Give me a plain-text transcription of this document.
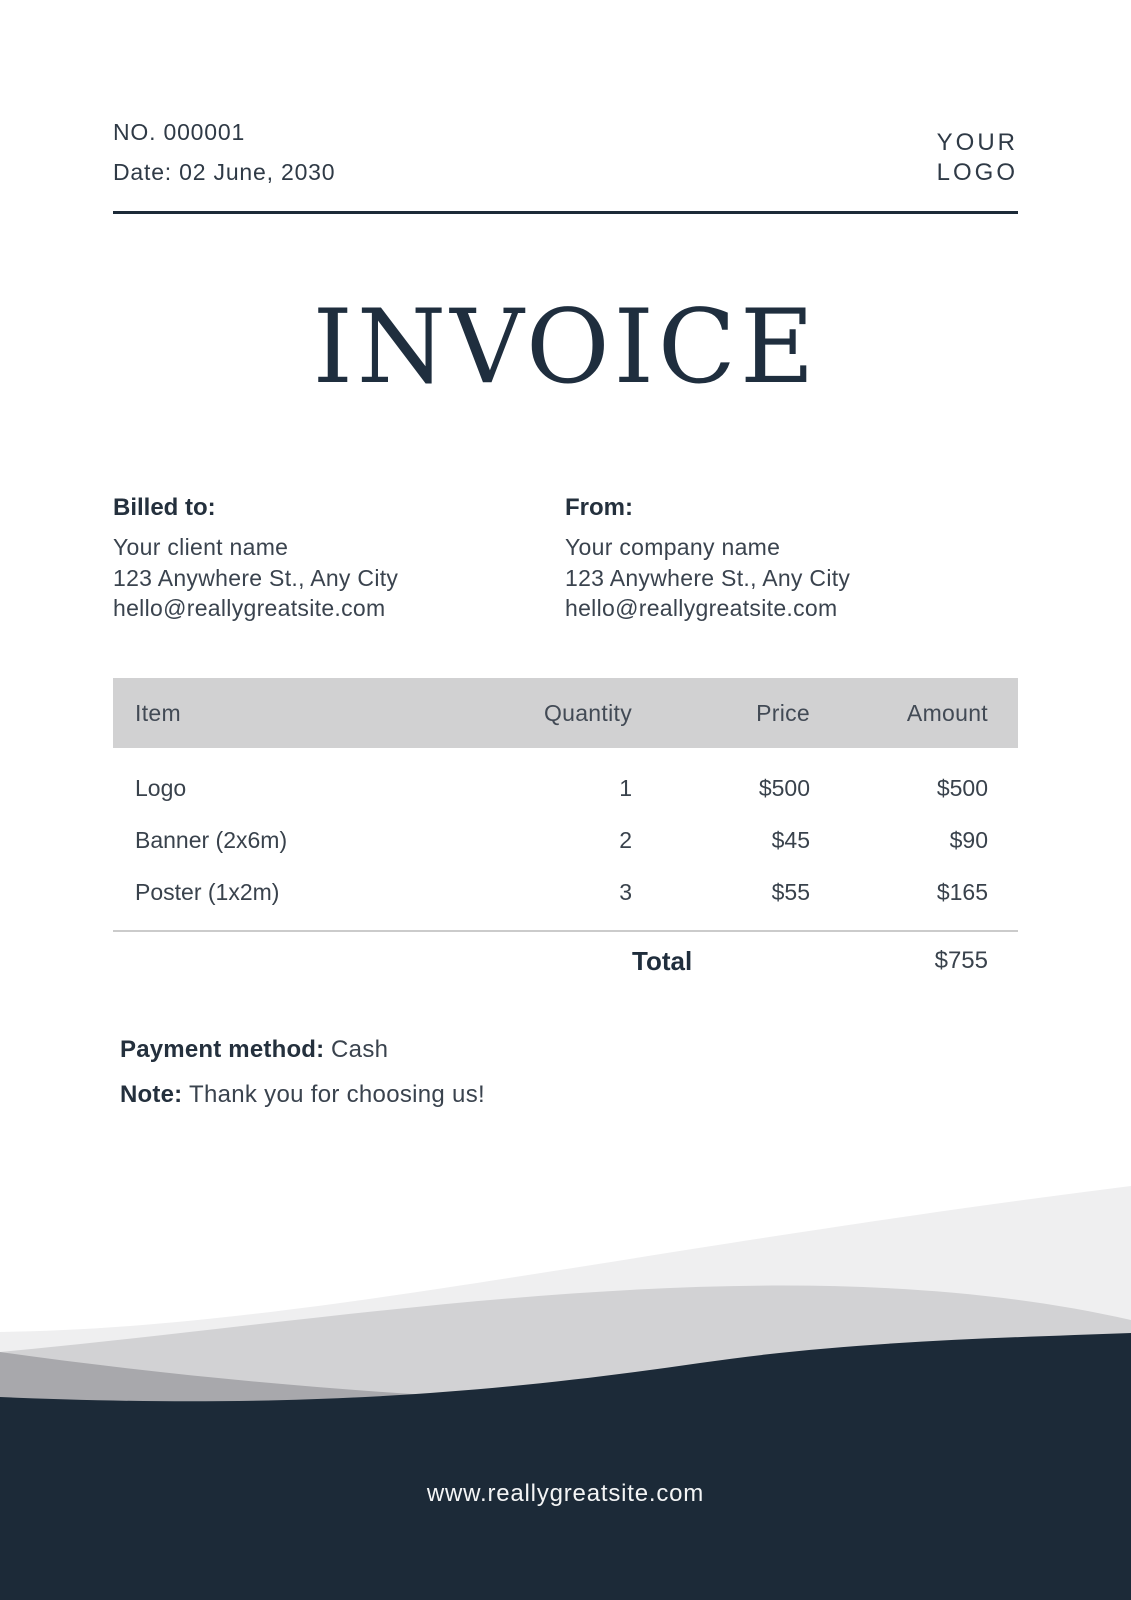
NO. 000001
Date: 02 June, 2030
YOUR
LOGO
INVOICE
Billed to:
Your client name
123 Anywhere St., Any City
hello@reallygreatsite.com
From:
Your company name
123 Anywhere St., Any City
hello@reallygreatsite.com
Item	Quantity	Price	Amount
Logo	1	$500	$500
Banner (2x6m)	2	$45	$90
Poster (1x2m)	3	$55	$165
Total	$755
Payment method: Cash
Note: Thank you for choosing us!
www.reallygreatsite.com
